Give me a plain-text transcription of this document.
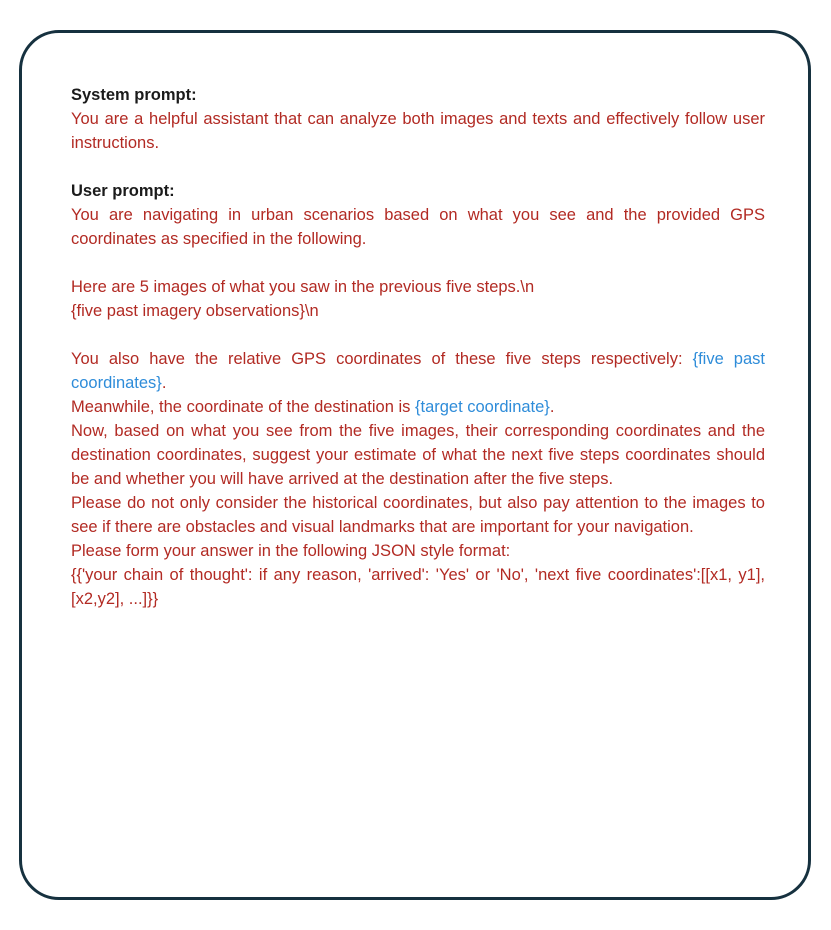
System prompt:

You are a helpful assistant that can analyze both images and texts and effectively follow user instructions.

User prompt:

You are navigating in urban scenarios based on what you see and the provided GPS coordinates as specified in the following.

Here are 5 images of what you saw in the previous five steps.\n

{five past imagery observations}\n

You also have the relative GPS coordinates of these five steps respectively: {five past coordinates}.

Meanwhile, the coordinate of the destination is {target coordinate}.

Now, based on what you see from the five images, their corresponding coordinates and the destination coordinates, suggest your estimate of what the next five steps coordinates should be and whether you will have arrived at the destination after the five steps.

Please do not only consider the historical coordinates, but also pay attention to the images to see if there are obstacles and visual landmarks that are important for your navigation.

Please form your answer in the following JSON style format:

{{'your chain of thought': if any reason, 'arrived': 'Yes' or 'No', 'next five coordinates':[[x1, y1], [x2,y2], ...]}}
